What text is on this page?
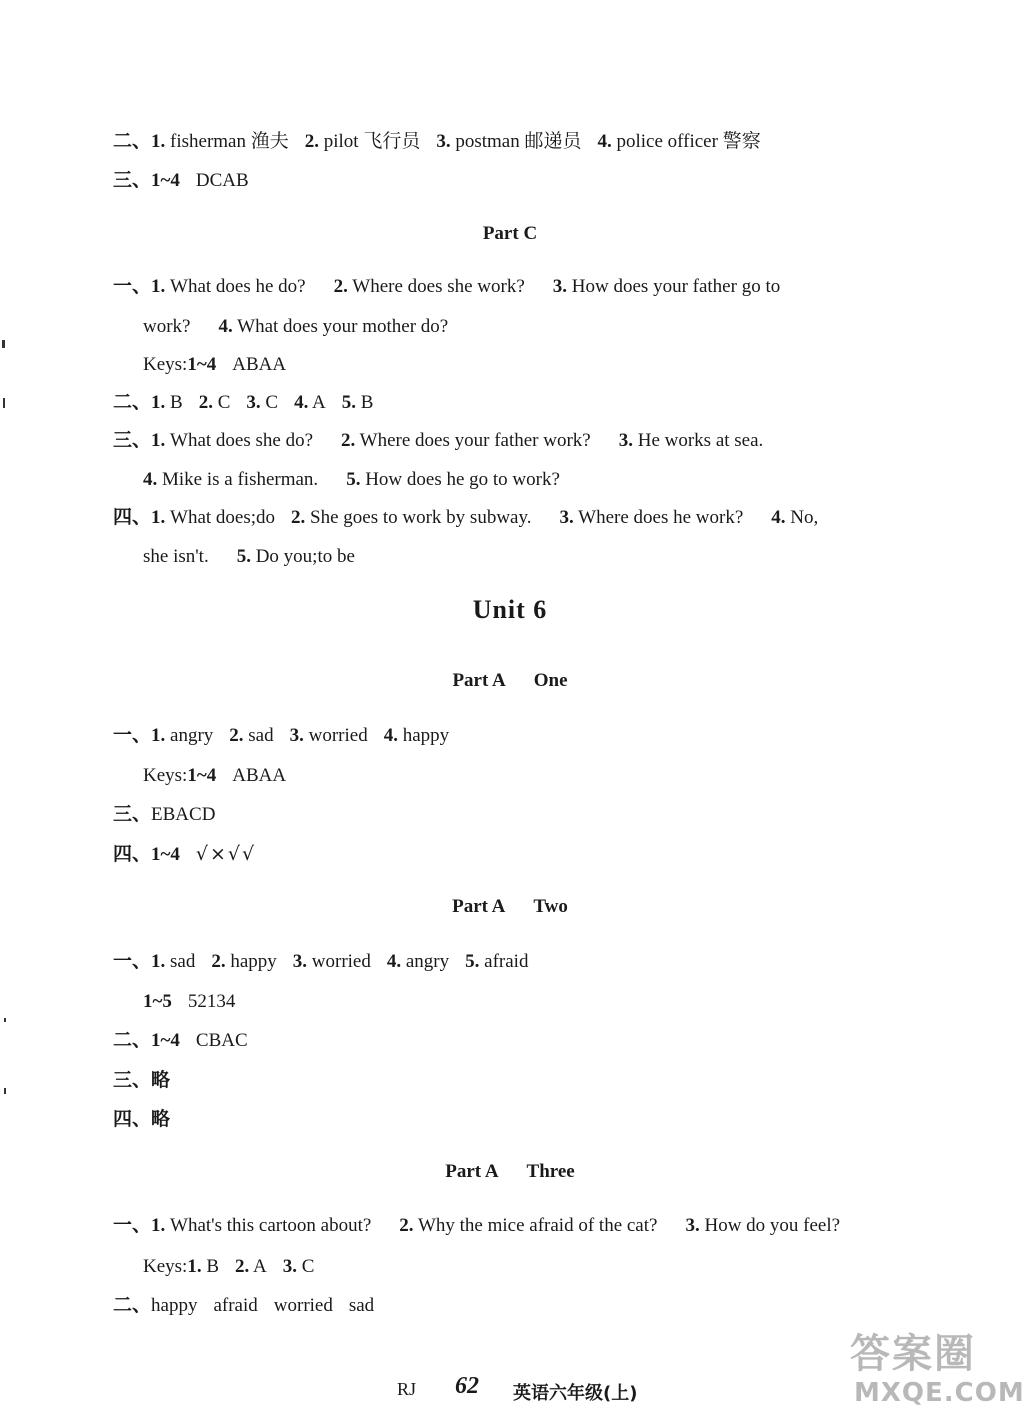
二、1. fisherman 渔夫 2. pilot 飞行员 3. postman 邮递员 4. police officer 警察
三、1~4 DCAB
Part C
一、1. What does he do? 2. Where does she work? 3. How does your father go to
work? 4. What does your mother do?
Keys:1~4 ABAA
二、1. B 2. C 3. C 4. A 5. B
三、1. What does she do? 2. Where does your father work? 3. He works at sea.
4. Mike is a fisherman. 5. How does he go to work?
四、1. What does;do 2. She goes to work by subway. 3. Where does he work? 4. No,
she isn't. 5. Do you;to be
Unit 6
Part A One
一、1. angry 2. sad 3. worried 4. happy
Keys:1~4 ABAA
三、EBACD
四、1~4 √×√√
Part A Two
一、1. sad 2. happy 3. worried 4. angry 5. afraid
1~5 52134
二、1~4 CBAC
三、略
四、略
Part A Three
一、1. What's this cartoon about? 2. Why the mice afraid of the cat? 3. How do you feel?
Keys:1. B 2. A 3. C
二、happy afraid worried sad
RJ 62 英语六年级(上)
答案圈
MXQE.COM
